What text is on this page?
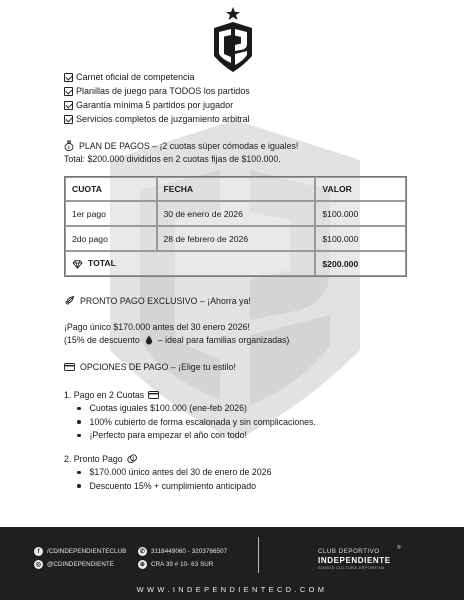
Carnet oficial de competencia
Planillas de juego para TODOS los partidos
Garantía mínima 5 partidos por jugador
Servicios completos de juzgamiento arbitral
$ PLAN DE PAGOS – ¡2 cuotas súper cómodas e iguales!
Total: $200.000 divididos en 2 cuotas fijas de $100.000.
CUOTA	FECHA	VALOR
1er pago	30 de enero de 2026	$100.000
2do pago	28 de febrero de 2026	$100.000
TOTAL		$200.000
PRONTO PAGO EXCLUSIVO – ¡Ahorra ya!
¡Pago único $170.000 antes del 30 enero 2026!
(15% de descuento – ideal para familias organizadas)
OPCIONES DE PAGO – ¡Elige tu estilo!
1. Pago en 2 Cuotas
Cuotas iguales $100.000 (ene-feb 2026)
100% cubierto de forma escalonada y sin complicaciones.
¡Perfecto para empezar el año con todo!
2. Pronto Pago $
$170.000 único antes del 30 de enero de 2026
Descuento 15% + cumplimiento anticipado
f	/CDINDEPENDIENTECLUB
◎ @CDINDEPENDIENTE
✆ 3118449060 - 3203766507
⊕ CRA 39 # 10- 63 SUR
CLUB DEPORTIVO
INDEPENDIENTE
SOMOS CULTURA DEPORTIVA
®
WWW.INDEPENDIENTECD.COM
